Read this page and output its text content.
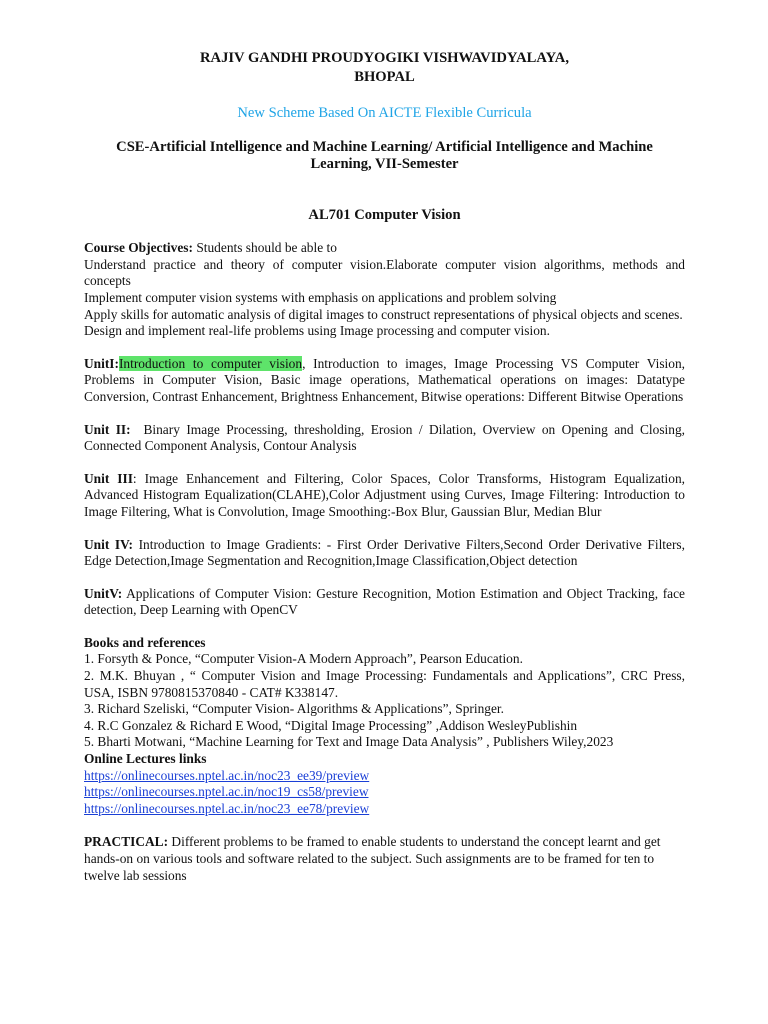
RAJIV GANDHI PROUDYOGIKI VISHWAVIDYALAYA,
BHOPAL

New Scheme Based On AICTE Flexible Curricula

CSE-Artificial Intelligence and Machine Learning/ Artificial Intelligence and Machine
Learning, VII-Semester

AL701 Computer Vision

Course Objectives: Students should be able to

Understand practice and theory of computer vision.Elaborate computer vision algorithms, methods and concepts

Implement computer vision systems with emphasis on applications and problem solving

Apply skills for automatic analysis of digital images to construct representations of physical objects and scenes.

Design and implement real-life problems using Image processing and computer vision.

UnitI:Introduction to computer vision, Introduction to images, Image Processing VS Computer Vision, Problems in Computer Vision, Basic image operations, Mathematical operations on images: Datatype Conversion, Contrast Enhancement, Brightness Enhancement, Bitwise operations: Different Bitwise Operations

Unit II:  Binary Image Processing, thresholding, Erosion / Dilation, Overview on Opening and Closing, Connected Component Analysis, Contour Analysis

Unit III: Image Enhancement and Filtering, Color Spaces, Color Transforms, Histogram Equalization, Advanced Histogram Equalization(CLAHE),Color Adjustment using Curves, Image Filtering: Introduction to Image Filtering, What is Convolution, Image Smoothing:-Box Blur, Gaussian Blur, Median Blur

Unit IV: Introduction to Image Gradients: - First Order Derivative Filters,Second Order Derivative Filters, Edge Detection,Image Segmentation and Recognition,Image Classification,Object detection

UnitV: Applications of Computer Vision: Gesture Recognition, Motion Estimation and Object Tracking, face detection, Deep Learning with OpenCV

Books and references

1. Forsyth & Ponce, “Computer Vision-A Modern Approach”, Pearson Education.

2. M.K. Bhuyan , “ Computer Vision and Image Processing: Fundamentals and Applications”, CRC Press, USA, ISBN 9780815370840 - CAT# K338147.

3. Richard Szeliski, “Computer Vision- Algorithms & Applications”, Springer.

4. R.C Gonzalez & Richard E Wood, “Digital Image Processing” ,Addison WesleyPublishin

5. Bharti Motwani, “Machine Learning for Text and Image Data Analysis” , Publishers Wiley,2023

Online Lectures links

https://onlinecourses.nptel.ac.in/noc23_ee39/preview
https://onlinecourses.nptel.ac.in/noc19_cs58/preview
https://onlinecourses.nptel.ac.in/noc23_ee78/preview

PRACTICAL: Different problems to be framed to enable students to understand the concept learnt and get hands-on on various tools and software related to the subject. Such assignments are to be framed for ten to twelve lab sessions
